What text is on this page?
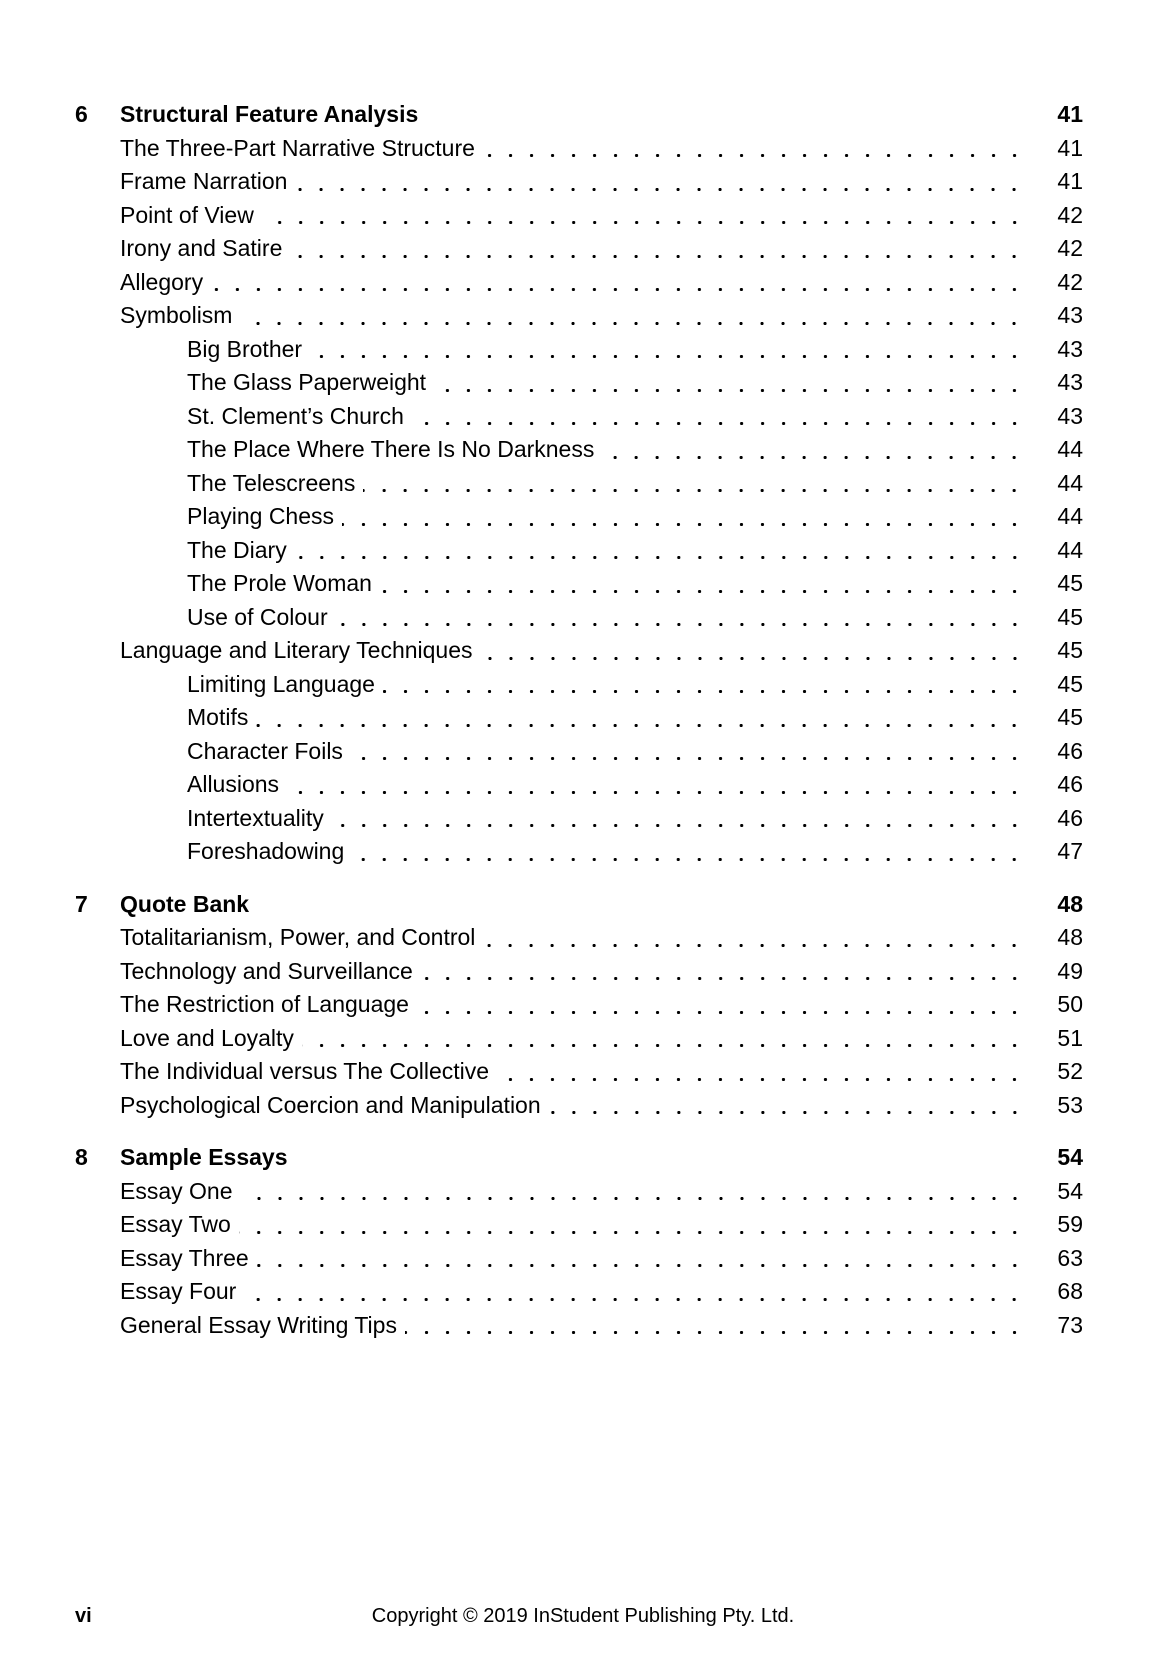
6	Structural Feature Analysis	41
The Three-Part Narrative Structure	41
Frame Narration	41
Point of View	42
Irony and Satire	42
Allegory	42
Symbolism	43
Big Brother	43
The Glass Paperweight	43
St. Clement’s Church	43
The Place Where There Is No Darkness	44
The Telescreens	44
Playing Chess	44
The Diary	44
The Prole Woman	45
Use of Colour	45
Language and Literary Techniques	45
Limiting Language	45
Motifs	45
Character Foils	46
Allusions	46
Intertextuality	46
Foreshadowing	47
7	Quote Bank	48
Totalitarianism, Power, and Control	48
Technology and Surveillance	49
The Restriction of Language	50
Love and Loyalty	51
The Individual versus The Collective	52
Psychological Coercion and Manipulation	53
8	Sample Essays	54
Essay One	54
Essay Two	59
Essay Three	63
Essay Four	68
General Essay Writing Tips	73
vi	Copyright © 2019 InStudent Publishing Pty. Ltd.
